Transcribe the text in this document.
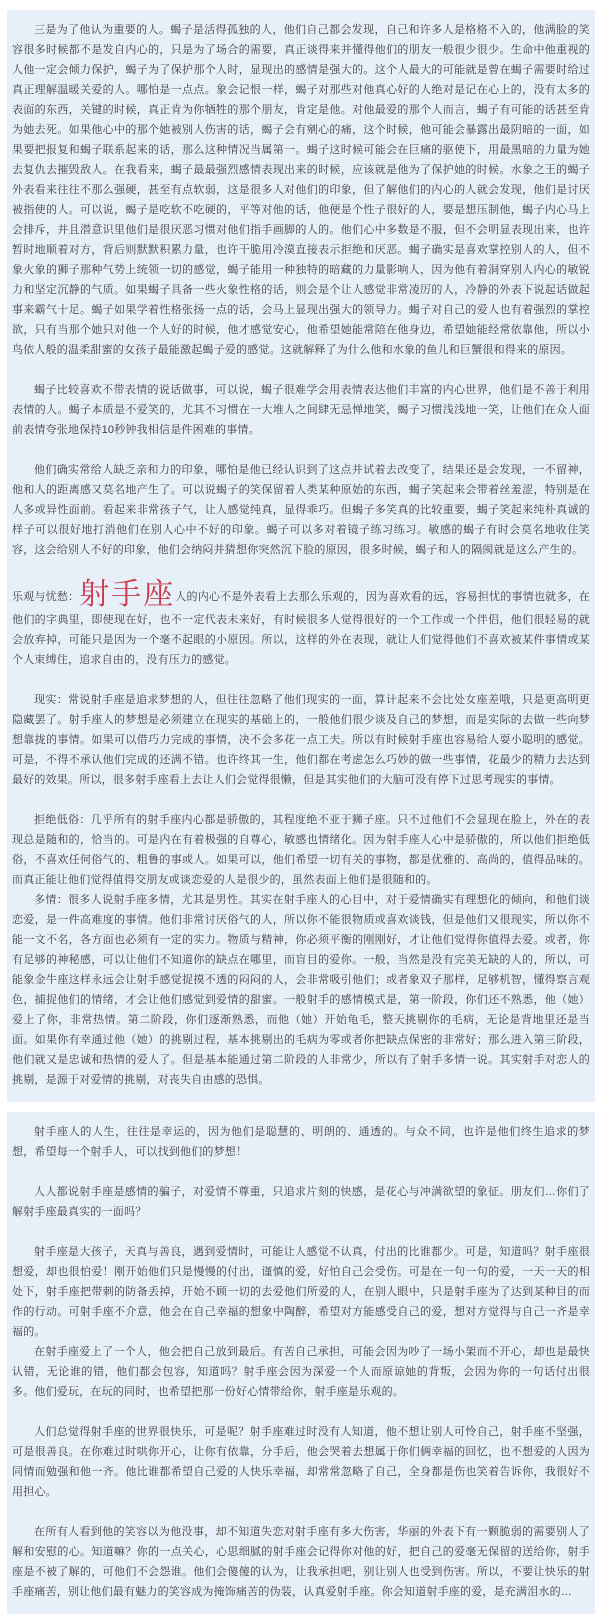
三是为了他认为重要的人。蝎子是活得孤独的人，他们自己都会发现，自己和许多人是格格不入的，他满脸的笑容很多时候都不是发自内心的，只是为了场合的需要，真正谈得来并懂得他们的朋友一般很少很少。生命中他重视的人他一定会倾力保护，蝎子为了保护那个人时，显现出的感情是强大的。这个人最大的可能就是曾在蝎子需要时给过真正理解温暖关爱的人。哪怕是一点点。象会记恨一样，蝎子对那些对他真心好的人绝对是记在心上的，没有太多的表面的东西，关键的时候，真正肯为你牺牲的那个朋友，肯定是他。对他最爱的那个人而言，蝎子有可能的话甚至肯为她去死。如果他心中的那个她被别人伤害的话，蝎子会有剜心的痛，这个时候，他可能会暴露出最阴暗的一面，如果要把报复和蝎子联系起来的话，那么这种情况当属第一。蝎子这时候可能会在巨痛的驱使下，用最黑暗的力量为她去复仇去摧毁敌人。在我看来，蝎子最最强烈感情表现出来的时候，应该就是他为了保护她的时候。水象之王的蝎子外表看来往往不那么强硬，甚至有点软弱，这是很多人对他们的印象，但了解他们的内心的人就会发现，他们是讨厌被指使的人。可以说，蝎子是吃软不吃硬的，平等对他的话，他便是个性子很好的人，要是想压制他，蝎子内心马上会排斥，并且潜意识里他们是很厌恶习惯对他们指手画脚的人的。他们心中多数是不服，但不会明显表现出来，也许暂时地顺着对方，背后则默默积累力量，也许干脆用冷漠直接表示拒绝和厌恶。蝎子确实是喜欢掌控别人的人，但不象火象的狮子那种气势上统领一切的感觉，蝎子能用一种独特的暗藏的力量影响人，因为他有着洞穿别人内心的敏锐力和坚定沉静的气质。如果蝎子具备一些火象性格的话，则会是个让人感觉非常凌厉的人，冷静的外表下说起话做起事来霸气十足。蝎子如果学着性格张扬一点的话，会马上显现出强大的领导力。蝎子对自己的爱人也有着强烈的掌控欲，只有当那个她只对他一个人好的时候，他才感觉安心，他希望她能常陪在他身边，希望她能经常依靠他，所以小鸟依人般的温柔甜蜜的女孩子最能激起蝎子爱的感觉。这就解释了为什么他和水象的鱼儿和巨蟹很和得来的原因。

蝎子比较喜欢不带表情的说话做事，可以说，蝎子很难学会用表情表达他们丰富的内心世界，他们是不善于利用表情的人。蝎子本质是不爱笑的，尤其不习惯在一大堆人之间肆无忌惮地笑，蝎子习惯浅浅地一笑，让他们在众人面前表情夸张地保持10秒钟我相信是件困难的事情。

他们确实常给人缺乏亲和力的印象，哪怕是他已经认识到了这点并试着去改变了，结果还是会发现，一不留神，他和人的距离感又莫名地产生了。可以说蝎子的笑保留着人类某种原始的东西，蝎子笑起来会带着丝羞涩，特别是在人多或异性面前。看起来非常孩子气，让人感觉纯真，显得乖巧。但蝎子多笑真的比较重要，蝎子笑起来纯朴真诚的样子可以很好地打消他们在别人心中不好的印象。蝎子可以多对着镜子练习练习。敏感的蝎子有时会莫名地收住笑容，这会给别人不好的印象，他们会纳闷并猜想你突然沉下脸的原因，很多时候，蝎子和人的隔阂就是这么产生的。

乐观与忧愁：射手座人的内心不是外表看上去那么乐观的，因为喜欢看的远，容易担忧的事情也就多，在他们的字典里，即使现在好，也不一定代表未来好，有时候很多人觉得很好的一个工作或一个伴侣，他们很轻易的就会放弃掉，可能只是因为一个毫不起眼的小原因。所以，这样的外在表现，就让人们觉得他们不喜欢被某件事情或某个人束缚住，追求自由的，没有压力的感觉。

现实：常说射手座是追求梦想的人，但往往忽略了他们现实的一面，算计起来不会比处女座差哦，只是更高明更隐藏罢了。射手座人的梦想是必须建立在现实的基础上的，一般他们很少谈及自己的梦想，而是实际的去做一些向梦想靠拢的事情。如果可以借巧力完成的事情，决不会多花一点工夫。所以有时候射手座也容易给人耍小聪明的感觉。可是，不得不承认他们完成的还满不错。也许终其一生，他们都在考虑怎么巧妙的做一些事情，花最少的精力去达到最好的效果。所以，很多射手座看上去让人们会觉得很懒，但是其实他们的大脑可没有停下过思考现实的事情。

拒绝低俗：几乎所有的射手座内心都是骄傲的，其程度绝不亚于狮子座。只不过他们不会显现在脸上，外在的表现总是随和的，恰当的。可是内在有着极强的自尊心，敏感也情绪化。因为射手座人心中是骄傲的，所以他们拒绝低俗，不喜欢任何俗气的、粗鲁的事或人。如果可以，他们希望一切有关的事物，都是优雅的、高尚的，值得品味的。而真正能让他们觉得值得交朋友或谈恋爱的人是很少的，虽然表面上他们是很随和的。

多情：很多人说射手座多情，尤其是男性。其实在射手座人的心目中，对于爱情确实有理想化的倾向，和他们谈恋爱，是一件高难度的事情。他们非常讨厌俗气的人，所以你不能很物质或喜欢谈钱，但是他们又很现实，所以你不能一文不名，各方面也必须有一定的实力。物质与精神，你必须平衡的刚刚好，才让他们觉得你值得去爱。或者，你有足够的神秘感，可以让他们不知道你的缺点在哪里，而盲目的爱你。一般，当然是没有完美无缺的人的，所以，可能象金牛座这样永远会让射手感觉捉摸不透的闷闷的人，会非常吸引他们；或者象双子那样，足够机智，懂得察言观色，捕捉他们的情绪，才会让他们感觉到爱情的甜蜜。一般射手的感情模式是，第一阶段，你们还不熟悉，他（她）爱上了你，非常热情。第二阶段，你们逐渐熟悉，而他（她）开始龟毛，整天挑剔你的毛病，无论是背地里还是当面。如果你有幸通过他（她）的挑剔过程，基本挑剔出的毛病为零或者你把缺点保密的非常好；那么进入第三阶段，他们就又是忠诚和热情的爱人了。但是基本能通过第二阶段的人非常少，所以有了射手多情一说。其实射手对恋人的挑剔，是源于对爱情的挑剔，对丧失自由感的恐惧。

射手座人的人生，往往是幸运的，因为他们是聪慧的、明朗的、通透的。与众不同，也许是他们终生追求的梦想，希望每一个射手人，可以找到他们的梦想！

人人都说射手座是感情的骗子，对爱情不尊重，只追求片刻的快感，是花心与冲满欲望的象征。朋友们…你们了解射手座最真实的一面吗？

射手座是大孩子，天真与善良，遇到爱情时，可能让人感觉不认真，付出的比谁都少。可是，知道吗？射手座很想爱，却也很怕爱！刚开始他们只是慢慢的付出，谨慎的爱，好怕自己会受伤。可是在一句一句的爱，一天一天的相处下，射手座把带刺的防备丢掉，开始不顾一切的去爱他们所爱的人，在别人眼中，只是射手座为了达到某种目的而作的行动。可射手座不介意，他会在自己幸福的想象中陶醉，希望对方能感受自己的爱，想对方觉得与自己一齐是幸福的。

在射手座爱上了一个人，他会把自己放到最后。有苦自己承担，可能会因为吵了一场小架而不开心，却也是最快认错，无论谁的错，他们都会包容，知道吗？射手座会因为深爱一个人而原谅她的背叛，会因为你的一句话付出很多。他们爱玩，在玩的同时，也希望把那一份好心情带给你，射手座是乐观的。

人们总觉得射手座的世界很快乐，可是呢？射手座难过时没有人知道，他不想让别人可怜自己，射手座不坚强，可是很善良。在你难过时哄你开心，让你有依靠，分手后，他会哭着去想属于你们俩幸福的回忆，也不想爱的人因为同情而勉强和他一齐。他比谁都希望自己爱的人快乐幸福，却常常忽略了自己，全身都是伤也笑着告诉你，我很好不用担心。

在所有人看到他的笑容以为他没事，却不知道失恋对射手座有多大伤害，华丽的外表下有一颗脆弱的需要别人了解和安慰的心。知道嘛？你的一点关心，心思细腻的射手座会记得你对他的好，把自己的爱毫无保留的送给你，射手座是不被了解的，可他们不会怨谁。他们会傻傻的认为，让我承担吧，别让别人也受到伤害。所以，不要让快乐的射手座痛苦，别让他们最有魅力的笑容成为掩饰痛苦的伪装，认真爱射手座。你会知道射手座的爱，是充满泪水的…
